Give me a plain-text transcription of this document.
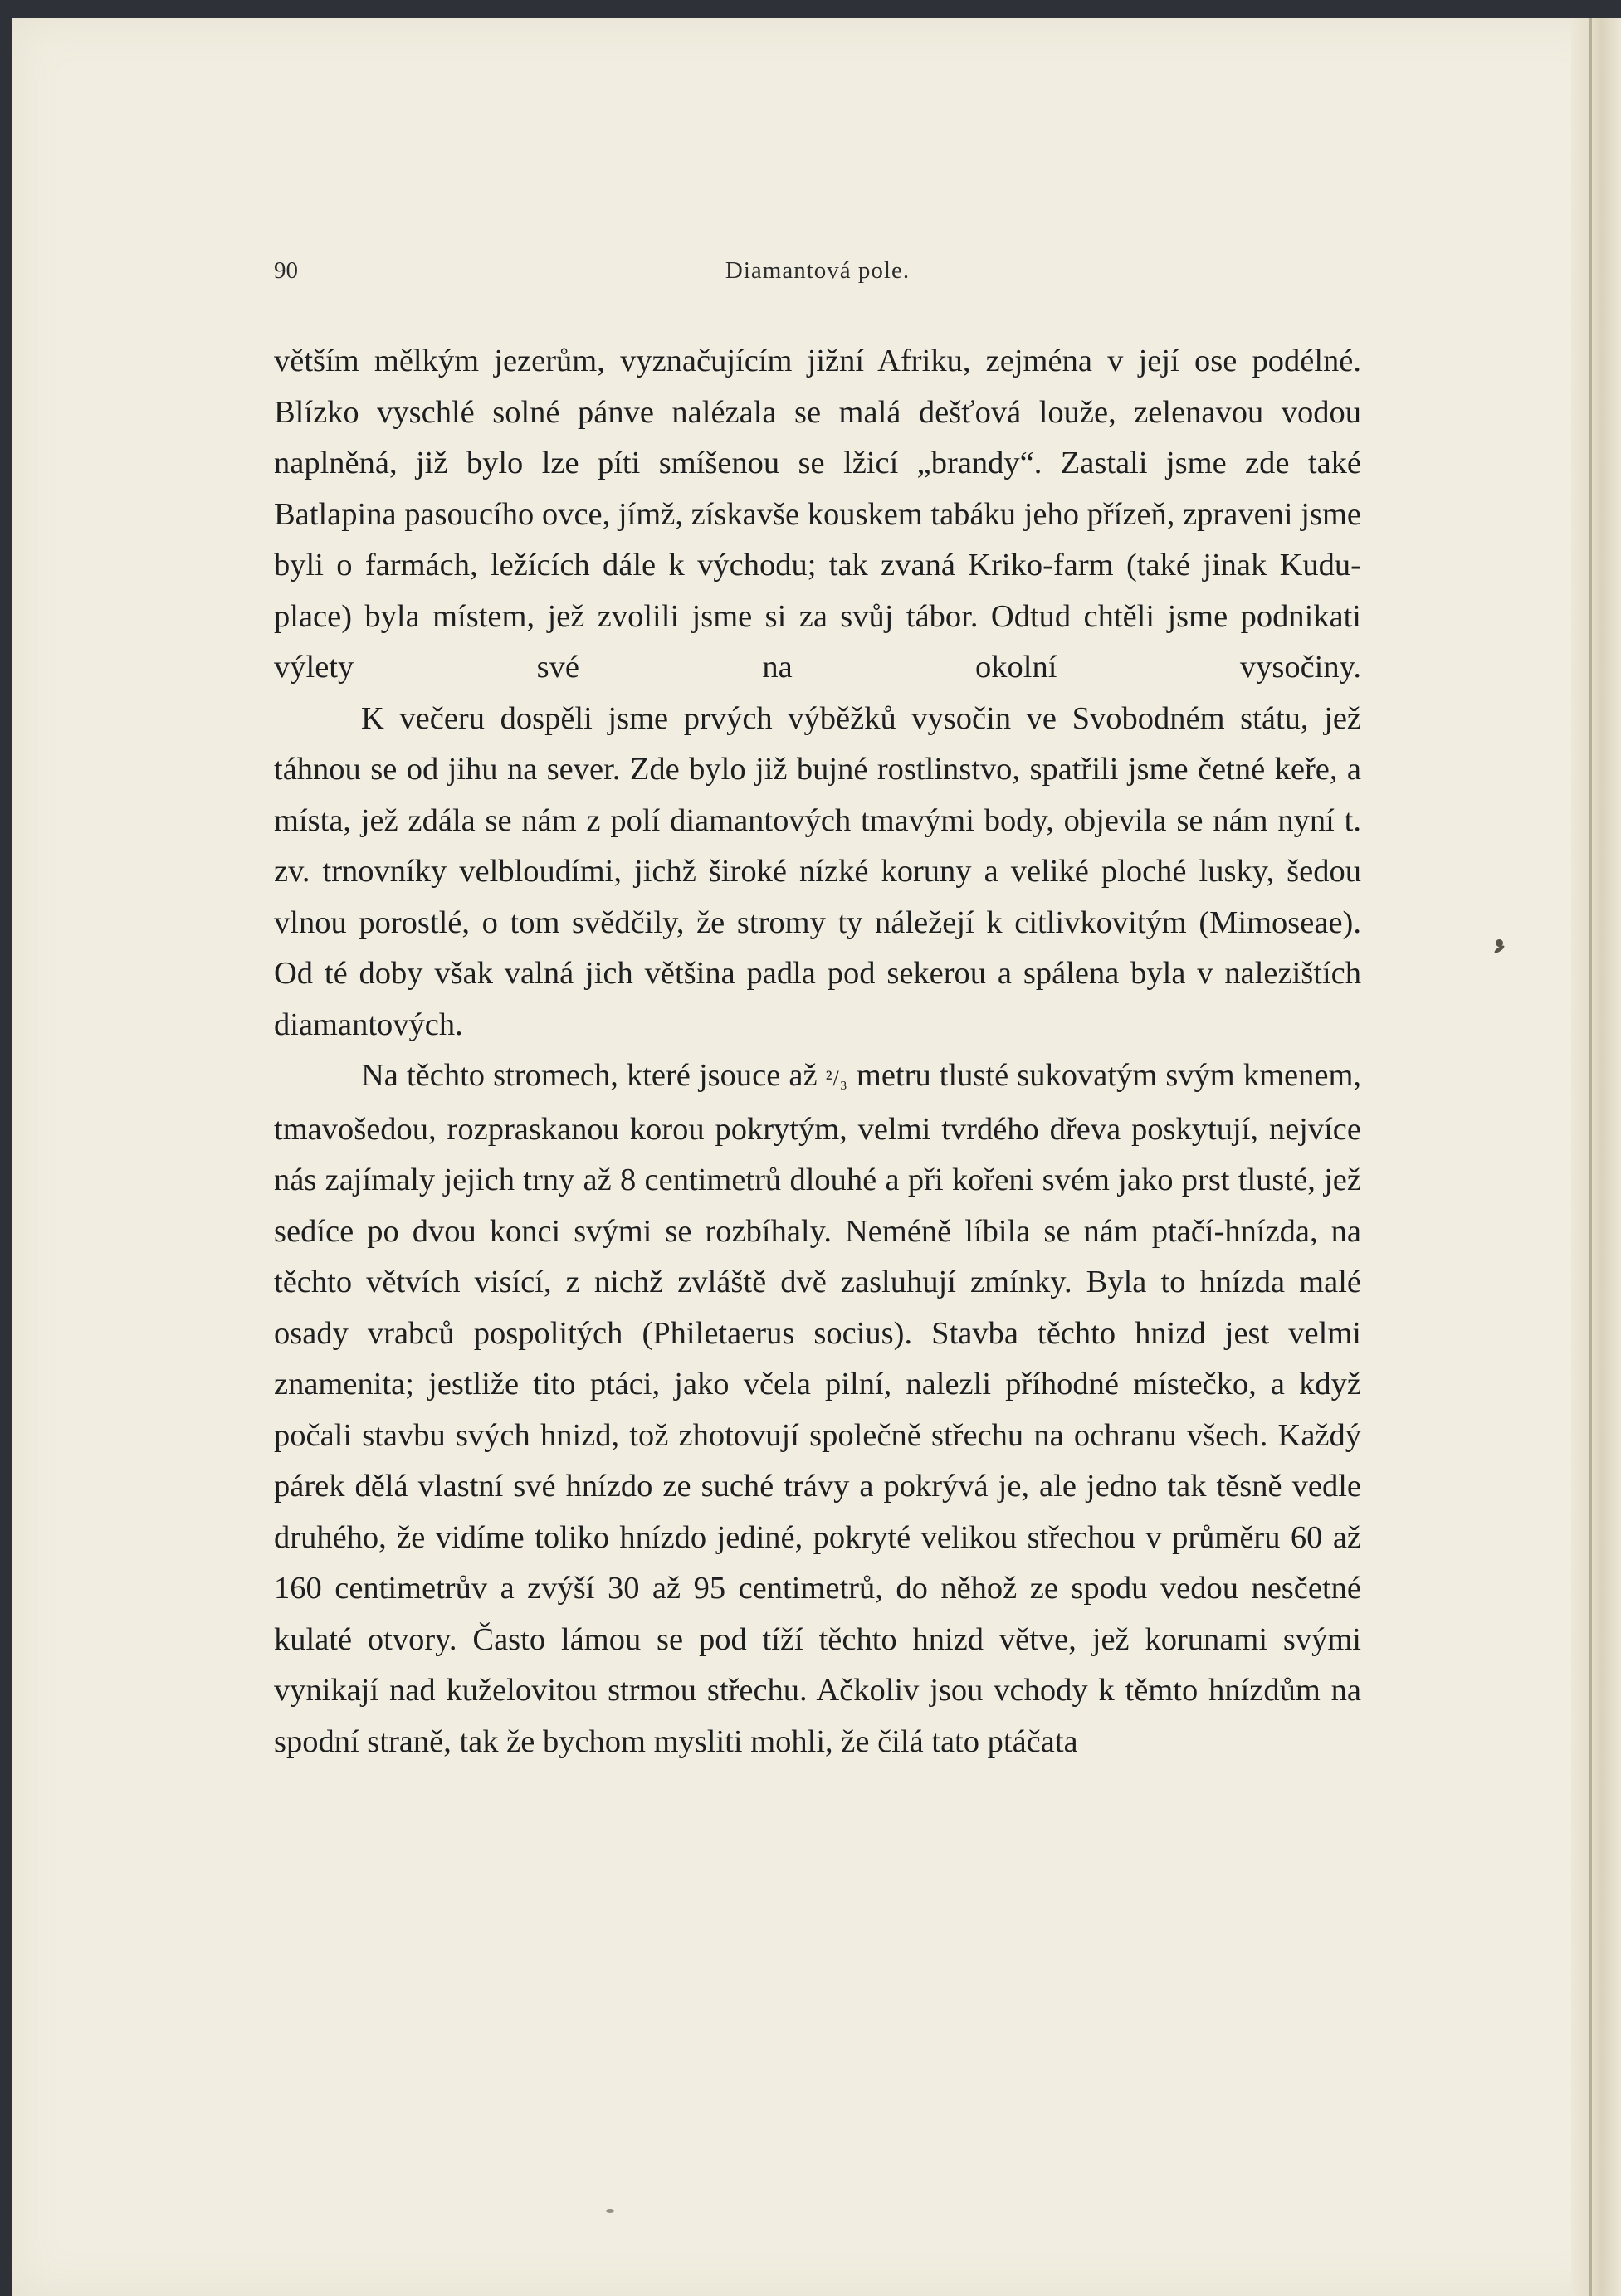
90	Diamantová pole.

větším mělkým jezerům, vyznačujícím jižní Afriku, zejména v její ose podélné. Blízko vyschlé solné pánve nalézala se malá dešťová louže, zelenavou vodou naplněná, již bylo lze píti smíšenou se lžicí „brandy“. Zastali jsme zde také Batlapina pasoucího ovce, jímž, získavše kouskem tabáku jeho přízeň, zpraveni jsme byli o farmách, ležících dále k východu; tak zvaná Kriko-farm (také jinak Kudu-place) byla místem, jež zvolili jsme si za svůj tábor. Odtud chtěli jsme podnikati výlety své na okolní vysočiny.

K večeru dospěli jsme prvých výběžků vysočin ve Svobodném státu, jež táhnou se od jihu na sever. Zde bylo již bujné rostlinstvo, spatřili jsme četné keře, a místa, jež zdála se nám z polí diamantových tmavými body, objevila se nám nyní t. zv. trnovníky velbloudími, jichž široké nízké koruny a veliké ploché lusky, šedou vlnou porostlé, o tom svědčily, že stromy ty náležejí k citlivkovitým (Mimoseae). Od té doby však valná jich většina padla pod sekerou a spálena byla v nalezištích diamantových.

Na těchto stromech, které jsouce až ²/₃ metru tlusté sukovatým svým kmenem, tmavošedou, rozpraskanou korou pokrytým, velmi tvrdého dřeva poskytují, nejvíce nás zajímaly jejich trny až 8 centimetrů dlouhé a při kořeni svém jako prst tlusté, jež sedíce po dvou konci svými se rozbíhaly. Neméně líbila se nám ptačí-hnízda, na těchto větvích visící, z nichž zvláště dvě zasluhují zmínky. Byla to hnízda malé osady vrabců pospolitých (Philetaerus socius). Stavba těchto hnizd jest velmi znamenita; jestliže tito ptáci, jako včela pilní, nalezli příhodné místečko, a když počali stavbu svých hnizd, tož zhotovují společně střechu na ochranu všech. Každý párek dělá vlastní své hnízdo ze suché trávy a pokrývá je, ale jedno tak těsně vedle druhého, že vidíme toliko hnízdo jediné, pokryté velikou střechou v průměru 60 až 160 centimetrův a zvýší 30 až 95 centimetrů, do něhož ze spodu vedou nesčetné kulaté otvory. Často lámou se pod tíží těchto hnizd větve, jež korunami svými vynikají nad kuželovitou strmou střechu. Ačkoliv jsou vchody k těmto hnízdům na spodní straně, tak že bychom mysliti mohli, že čilá tato ptáčata
